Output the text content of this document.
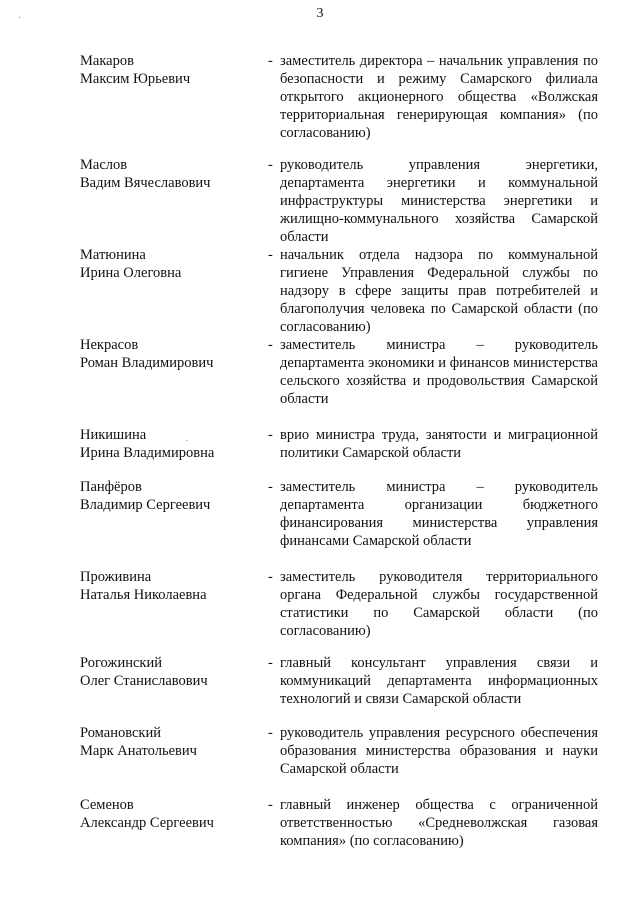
3
·
·
Макаров
Максим Юрьевич
- заместитель директора – начальник управления по безопасности и режиму Самарского филиала открытого акционерного общества «Волжская территориальная генерирующая компания» (по согласованию)
Маслов
Вадим Вячеславович
- руководитель управления энергетики, департамента энергетики и коммунальной инфраструктуры министерства энергетики и жилищно-коммунального хозяйства Самарской области
Матюнина
Ирина Олеговна
- начальник отдела надзора по коммунальной гигиене Управления Федеральной службы по надзору в сфере защиты прав потребителей и благополучия человека по Самарской области (по согласованию)
Некрасов
Роман Владимирович
- заместитель министра – руководитель департамента экономики и финансов министерства сельского хозяйства и продовольствия Самарской области
Никишина
Ирина Владимировна
- врио министра труда, занятости и миграционной политики Самарской области
Панфёров
Владимир Сергеевич
- заместитель министра – руководитель департамента организации бюджетного финансирования министерства управления финансами Самарской области
Проживина
Наталья Николаевна
- заместитель руководителя территориального органа Федеральной службы государственной статистики по Самарской области (по согласованию)
Рогожинский
Олег Станиславович
- главный консультант управления связи и коммуникаций департамента информационных технологий и связи Самарской области
Романовский
Марк Анатольевич
- руководитель управления ресурсного обеспечения образования министерства образования и науки Самарской области
Семенов
Александр Сергеевич
- главный инженер общества с ограниченной ответственностью «Средневолжская газовая компания» (по согласованию)
